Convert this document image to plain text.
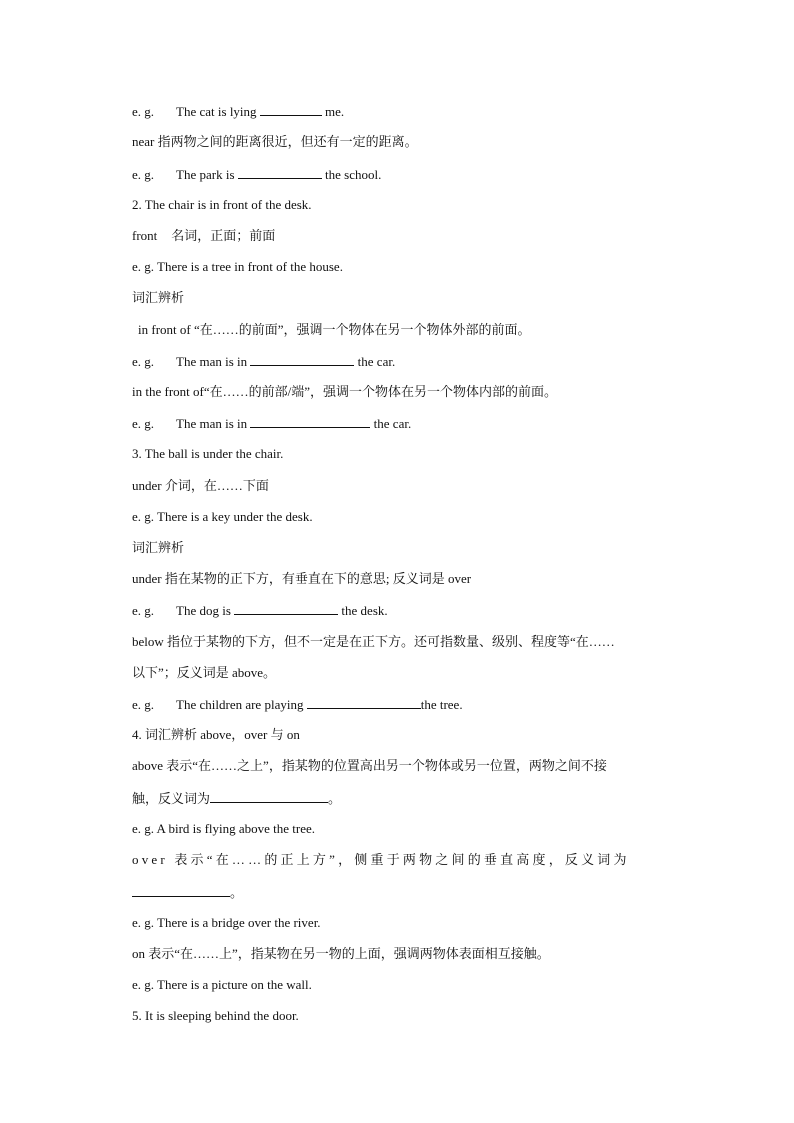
e. g. The cat is lying	me.
near 指两物之间的距离很近，但还有一定的距离。
e. g. The park is	the school.
2. The chair is in front of the desk.
front 名词，正面；前面
e. g. There is a tree in front of the house.
词汇辨析
in front of “在……的前面”，强调一个物体在另一个物体外部的前面。
e. g. The man is in	the car.
in the front of“在……的前部/端”，强调一个物体在另一个物体内部的前面。
e. g. The man is in	the car.
3. The ball is under the chair.
under 介词，在……下面
e. g. There is a key under the desk.
词汇辨析
under 指在某物的正下方，有垂直在下的意思; 反义词是 over
e. g. The dog is	the desk.
below 指位于某物的下方，但不一定是在正下方。还可指数量、级别、程度等“在……
以下”；反义词是 above。
e. g. The children are playing	the tree.
4. 词汇辨析 above，over 与 on
above 表示“在……之上”，指某物的位置高出另一个物体或另一位置，两物之间不接
触，反义词为	。
e. g. A bird is flying above the tree.
over 表示“在……的正上方”，侧重于两物之间的垂直高度，反义词为
。
e. g. There is a bridge over the river.
on 表示“在……上”，指某物在另一物的上面，强调两物体表面相互接触。
e. g. There is a picture on the wall.
5. It is sleeping behind the door.
